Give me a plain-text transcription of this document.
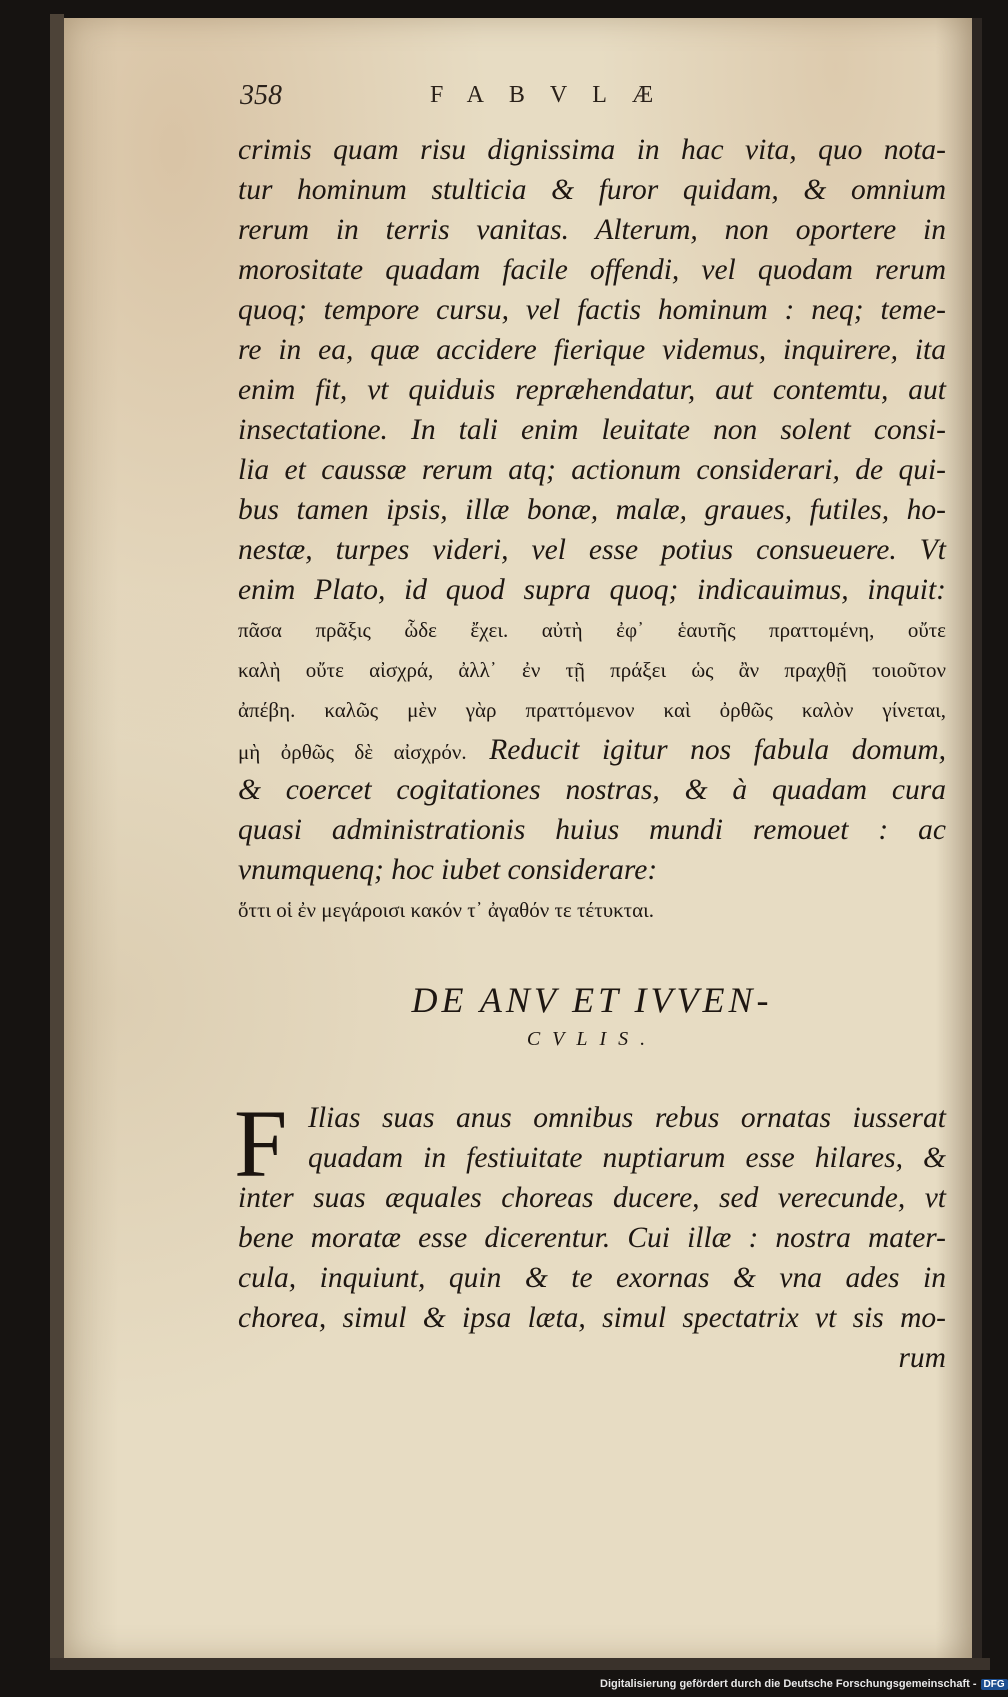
358	FABVLÆ
crimis quam risu dignissima in hac vita, quo nota-
tur hominum stulticia & furor quidam, & omnium
rerum in terris vanitas. Alterum, non oportere in
morositate quadam facile offendi, vel quodam rerum
quoq; tempore cursu, vel factis hominum : neq; teme-
re in ea, quæ accidere fierique videmus, inquirere, ita
enim fit, vt quiduis repræhendatur, aut contemtu, aut
insectatione. In tali enim leuitate non solent consi-
lia et caussæ rerum atq; actionum considerari, de qui-
bus tamen ipsis, illæ bonæ, malæ, graues, futiles, ho-
nestæ, turpes videri, vel esse potius consueuere. Vt
enim Plato, id quod supra quoq; indicauimus, inquit:
πᾶσα πρᾶξις ὧδε ἔχει. αὐτὴ ἐφ᾽ ἑαυτῆς πραττομένη, οὔτε
καλὴ οὔτε αἰσχρά, ἀλλ᾽ ἐν τῇ πράξει ὡς ἂν πραχθῇ τοιοῦτον
ἀπέβη. καλῶς μὲν γὰρ πραττόμενον καὶ ὀρθῶς καλὸν γίνεται,
μὴ ὀρθῶς δὲ αἰσχρόν. Reducit igitur nos fabula domum,
& coercet cogitationes nostras, & à quadam cura
quasi administrationis huius mundi remouet : ac
vnumquenq; hoc iubet considerare:
ὅττι οἱ ἐν μεγάροισι κακόν τ᾽ ἀγαθόν τε τέτυκται.
DE ANV ET IVVEN-
CVLIS.
F Ilias suas anus omnibus rebus ornatas iusserat
quadam in festiuitate nuptiarum esse hilares, &
inter suas æquales choreas ducere, sed verecunde, vt
bene moratæ esse dicerentur. Cui illæ : nostra mater-
cula, inquiunt, quin & te exornas & vna ades in
chorea, simul & ipsa læta, simul spectatrix vt sis mo-
rum
Digitalisierung gefördert durch die Deutsche Forschungsgemeinschaft - DFG
